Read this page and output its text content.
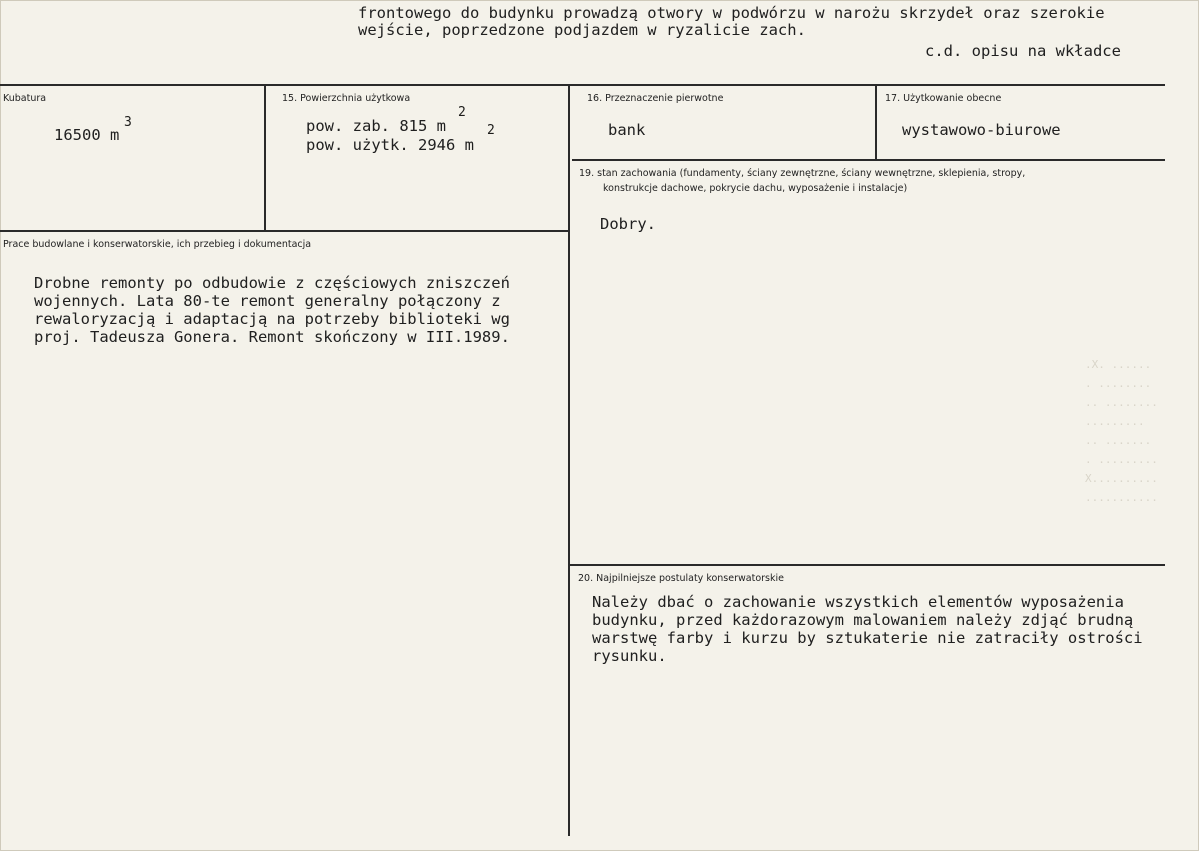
frontowego do budynku prowadzą otwory w podwórzu w narożu skrzydeł oraz szerokie
wejście, poprzedzone podjazdem w ryzalicie zach.
c.d. opisu na wkładce
Kubatura
16500 m
3
15. Powierzchnia użytkowa
pow. zab. 815 m
2
pow. użytk. 2946 m
2
16. Przeznaczenie pierwotne
bank
17. Użytkowanie obecne
wystawowo-biurowe
19. stan zachowania (fundamenty, ściany zewnętrzne, ściany wewnętrzne, sklepienia, stropy,
konstrukcje dachowe, pokrycie dachu, wyposażenie i instalacje)
Dobry.
Prace budowlane i konserwatorskie, ich przebieg i dokumentacja
Drobne remonty po odbudowie z częściowych zniszczeń
wojennych. Lata 80-te remont generalny połączony z
rewaloryzacją i adaptacją na potrzeby biblioteki wg
proj. Tadeusza Gonera. Remont skończony w III.1989.
.X. ......
. ........
.. ........
.........
.. .......
. .........
X..........
...........
20. Najpilniejsze postulaty konserwatorskie
Należy dbać o zachowanie wszystkich elementów wyposażenia
budynku, przed każdorazowym malowaniem należy zdjąć brudną
warstwę farby i kurzu by sztukaterie nie zatraciły ostrości
rysunku.
